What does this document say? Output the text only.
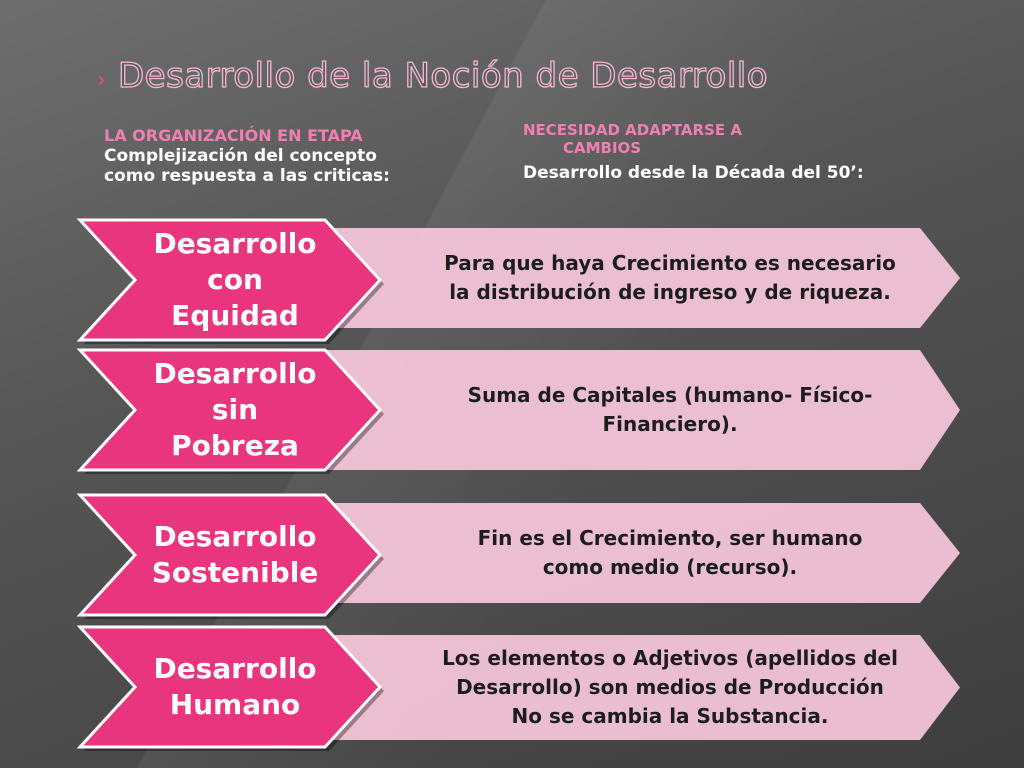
› Desarrollo de la Noción de Desarrollo
LA ORGANIZACIÓN EN ETAPA
Complejización del concepto
como respuesta a las criticas:
NECESIDAD ADAPTARSE A
CAMBIOS
Desarrollo desde la Década del 50’:
Desarrollo
con
Equidad
Para que haya Crecimiento es necesario
la distribución de ingreso y de riqueza.
Desarrollo
sin
Pobreza
Suma de Capitales (humano- Físico-
Financiero).
Desarrollo
Sostenible
Fin es el Crecimiento, ser humano
como medio (recurso).
Desarrollo
Humano
Los elementos o Adjetivos (apellidos del
Desarrollo) son medios de Producción
No se cambia la Substancia.
